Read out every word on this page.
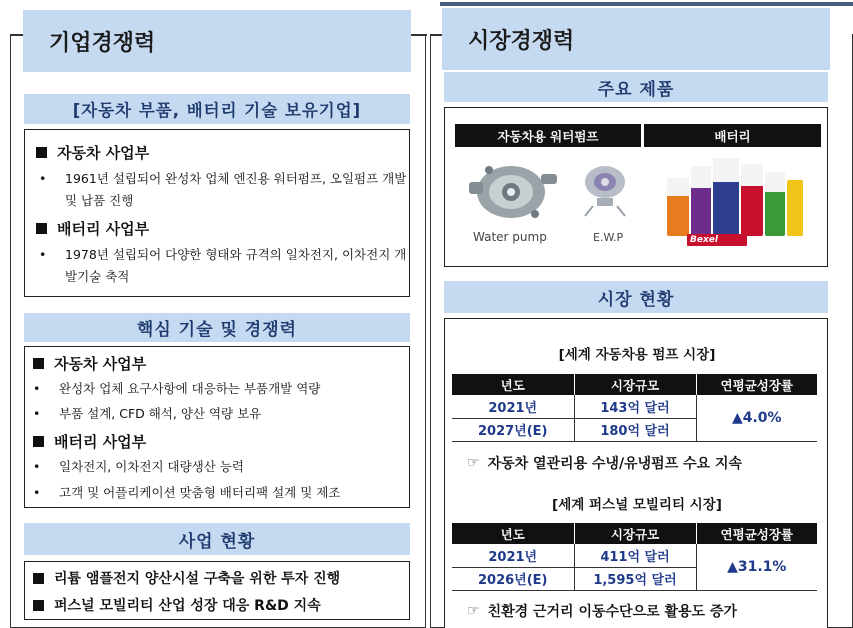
기업경쟁력
[자동차 부품, 배터리 기술 보유기업]
자동차 사업부
•	1961년 설립되어 완성차 업체 엔진용 워터펌프, 오일펌프 개발 및 납품 진행
배터리 사업부
•	1978년 설립되어 다양한 형태와 규격의 일차전지, 이차전지 개발기술 축적
핵심 기술 및 경쟁력
자동차 사업부
•	완성차 업체 요구사항에 대응하는 부품개발 역량
•	부품 설계, CFD 해석, 양산 역량 보유
배터리 사업부
•	일차전지, 이차전지 대량생산 능력
•	고객 및 어플리케이션 맞춤형 배터리팩 설계 및 제조
사업 현황
리튬 앰플전지 양산시설 구축을 위한 투자 진행
퍼스널 모빌리티 산업 성장 대응 R&D 지속
시장경쟁력
주요 제품
자동차용 워터펌프	배터리
Water pump	E.W.P	Bexel
시장 현황
[세계 자동차용 펌프 시장]
년도	시장규모	연평균성장률
2021년	143억 달러	▲4.0%
2027년(E)	180억 달러	
☞ 자동차 열관리용 수냉/유냉펌프 수요 지속
[세계 퍼스널 모빌리티 시장]
년도	시장규모	연평균성장률
2021년	411억 달러	▲31.1%
2026년(E)	1,595억 달러	
☞ 친환경 근거리 이동수단으로 활용도 증가
